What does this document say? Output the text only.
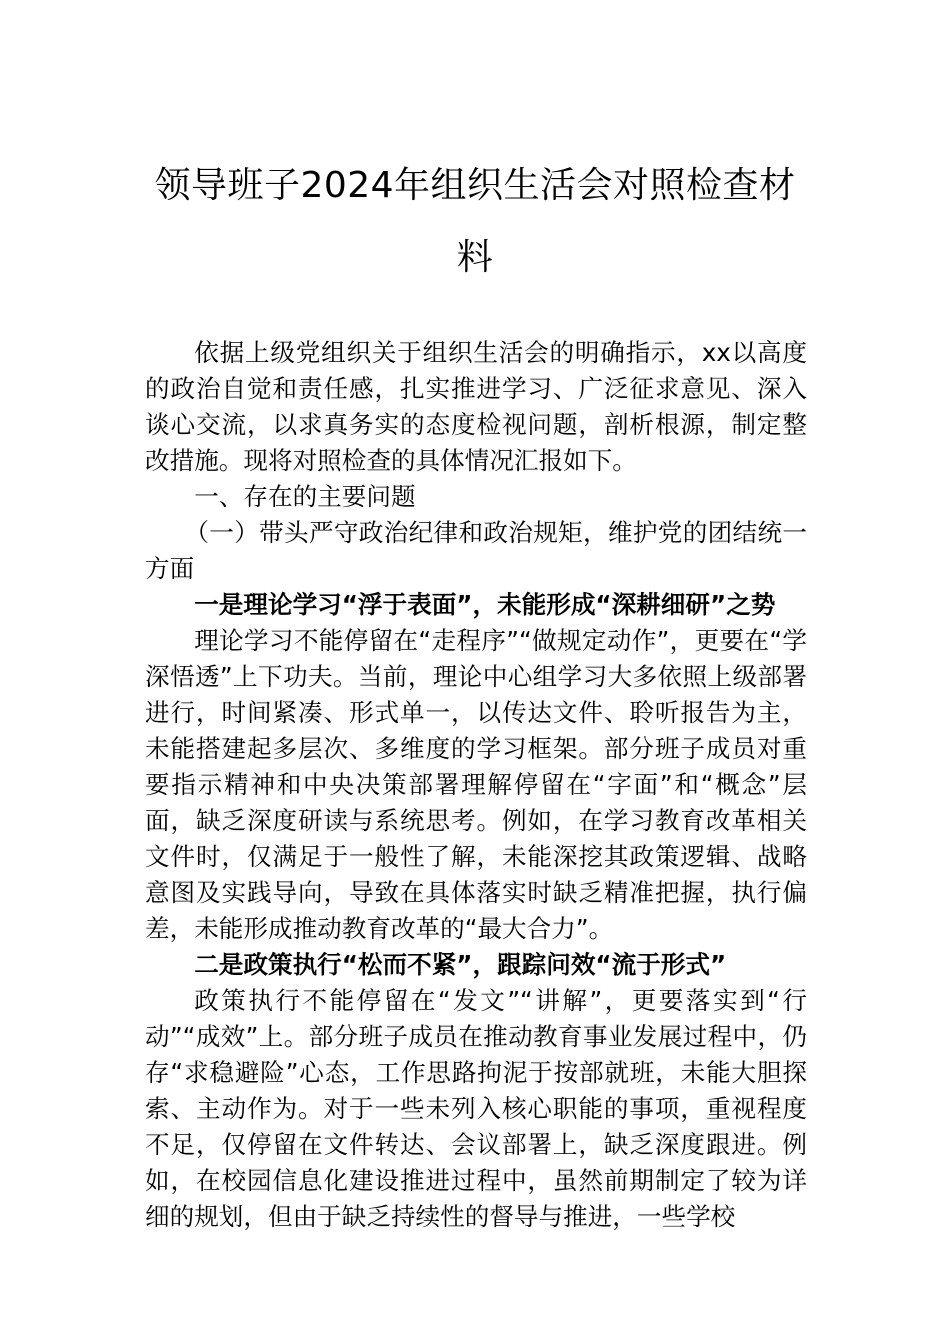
领导班子2024年组织生活会对照检查材料

依据上级党组织关于组织生活会的明确指示，xx以高度的政治自觉和责任感，扎实推进学习、广泛征求意见、深入谈心交流，以求真务实的态度检视问题，剖析根源，制定整改措施。现将对照检查的具体情况汇报如下。

一、存在的主要问题

（一）带头严守政治纪律和政治规矩，维护党的团结统一方面

一是理论学习“浮于表面”，未能形成“深耕细研”之势

理论学习不能停留在“走程序”“做规定动作”，更要在“学深悟透”上下功夫。当前，理论中心组学习大多依照上级部署进行，时间紧凑、形式单一，以传达文件、聆听报告为主，未能搭建起多层次、多维度的学习框架。部分班子成员对重要指示精神和中央决策部署理解停留在“字面”和“概念”层面，缺乏深度研读与系统思考。例如，在学习教育改革相关文件时，仅满足于一般性了解，未能深挖其政策逻辑、战略意图及实践导向，导致在具体落实时缺乏精准把握，执行偏差，未能形成推动教育改革的“最大合力”。

二是政策执行“松而不紧”，跟踪问效“流于形式”

政策执行不能停留在“发文”“讲解”，更要落实到“行动”“成效”上。部分班子成员在推动教育事业发展过程中，仍存“求稳避险”心态，工作思路拘泥于按部就班，未能大胆探索、主动作为。对于一些未列入核心职能的事项，重视程度不足，仅停留在文件转达、会议部署上，缺乏深度跟进。例如，在校园信息化建设推进过程中，虽然前期制定了较为详细的规划，但由于缺乏持续性的督导与推进，一些学校
